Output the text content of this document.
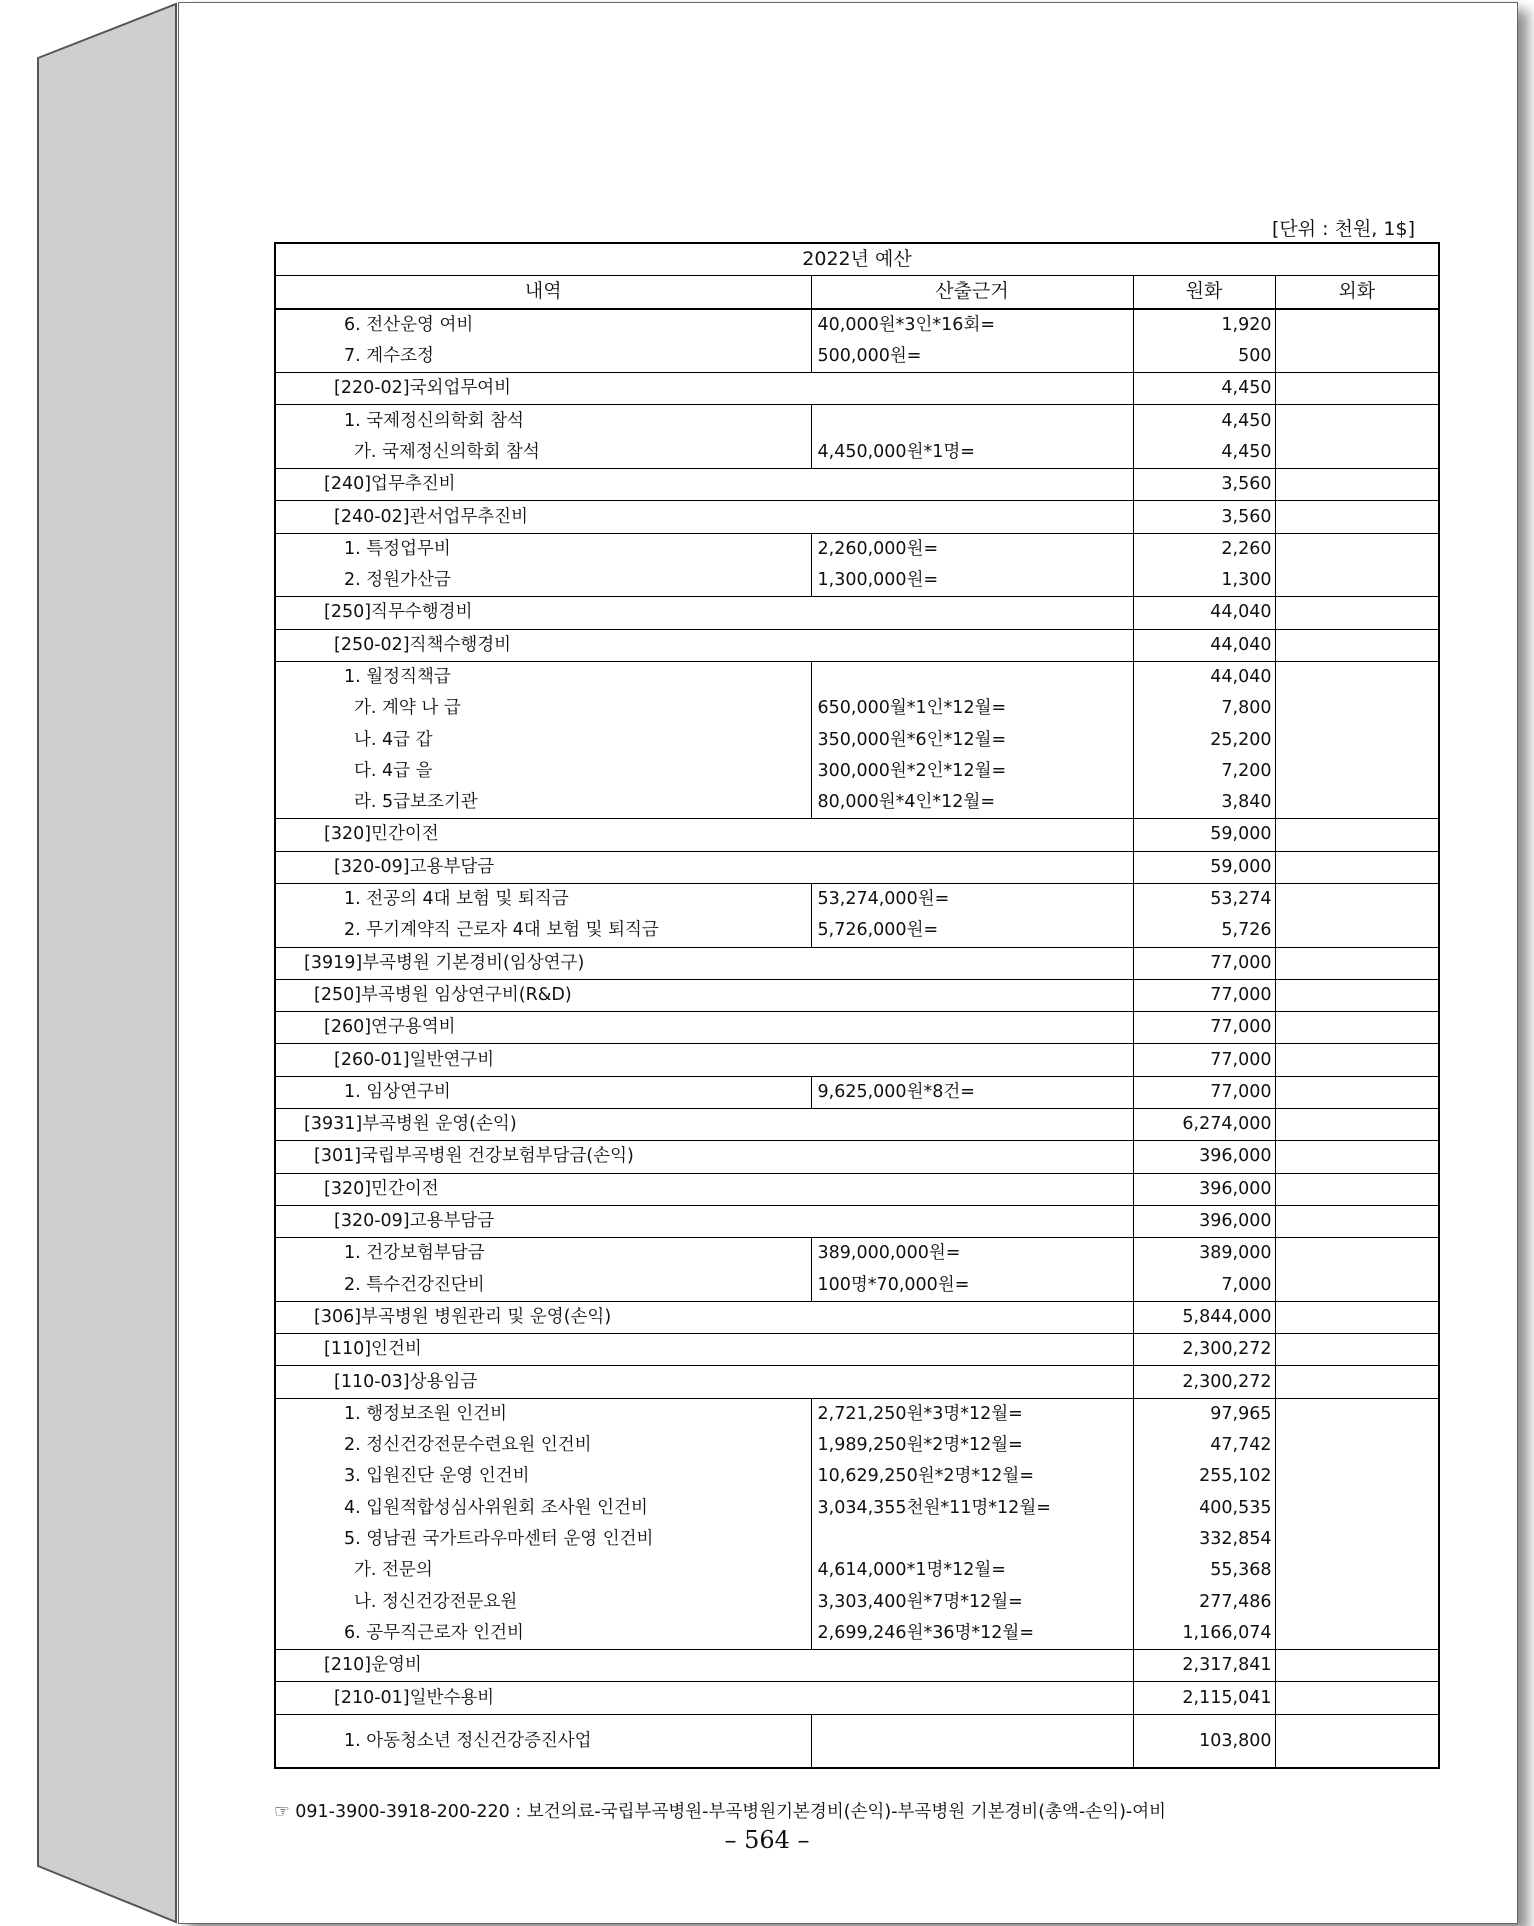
[단위 : 천원, 1$]
2022년 예산			
내역	산출근거	원화	외화
6. 전산운영 여비	40,000원*3인*16회=	1,920	
7. 계수조정	500,000원=	500	
[220-02]국외업무여비		4,450	
1. 국제정신의학회 참석		4,450	
가. 국제정신의학회 참석	4,450,000원*1명=	4,450	
[240]업무추진비		3,560	
[240-02]관서업무추진비		3,560	
1. 특정업무비	2,260,000원=	2,260	
2. 정원가산금	1,300,000원=	1,300	
[250]직무수행경비		44,040	
[250-02]직책수행경비		44,040	
1. 월정직책급		44,040	
가. 계약 나 급	650,000월*1인*12월=	7,800	
나. 4급 갑	350,000원*6인*12월=	25,200	
다. 4급 을	300,000원*2인*12월=	7,200	
라. 5급보조기관	80,000원*4인*12월=	3,840	
[320]민간이전		59,000	
[320-09]고용부담금		59,000	
1. 전공의 4대 보험 및 퇴직금	53,274,000원=	53,274	
2. 무기계약직 근로자 4대 보험 및 퇴직금	5,726,000원=	5,726	
[3919]부곡병원 기본경비(임상연구)		77,000	
[250]부곡병원 임상연구비(R&D)		77,000	
[260]연구용역비		77,000	
[260-01]일반연구비		77,000	
1. 임상연구비	9,625,000원*8건=	77,000	
[3931]부곡병원 운영(손익)		6,274,000	
[301]국립부곡병원 건강보험부담금(손익)		396,000	
[320]민간이전		396,000	
[320-09]고용부담금		396,000	
1. 건강보험부담금	389,000,000원=	389,000	
2. 특수건강진단비	100명*70,000원=	7,000	
[306]부곡병원 병원관리 및 운영(손익)		5,844,000	
[110]인건비		2,300,272	
[110-03]상용임금		2,300,272	
1. 행정보조원 인건비	2,721,250원*3명*12월=	97,965	
2. 정신건강전문수련요원 인건비	1,989,250원*2명*12월=	47,742	
3. 입원진단 운영 인건비	10,629,250원*2명*12월=	255,102	
4. 입원적합성심사위원회 조사원 인건비	3,034,355천원*11명*12월=	400,535	
5. 영남권 국가트라우마센터 운영 인건비		332,854	
가. 전문의	4,614,000*1명*12월=	55,368	
나. 정신건강전문요원	3,303,400원*7명*12월=	277,486	
6. 공무직근로자 인건비	2,699,246원*36명*12월=	1,166,074	
[210]운영비		2,317,841	
[210-01]일반수용비		2,115,041	
1. 아동청소년 정신건강증진사업		103,800	
☞ 091-3900-3918-200-220 : 보건의료-국립부곡병원-부곡병원기본경비(손익)-부곡병원 기본경비(총액-손익)-여비
– 564 –
